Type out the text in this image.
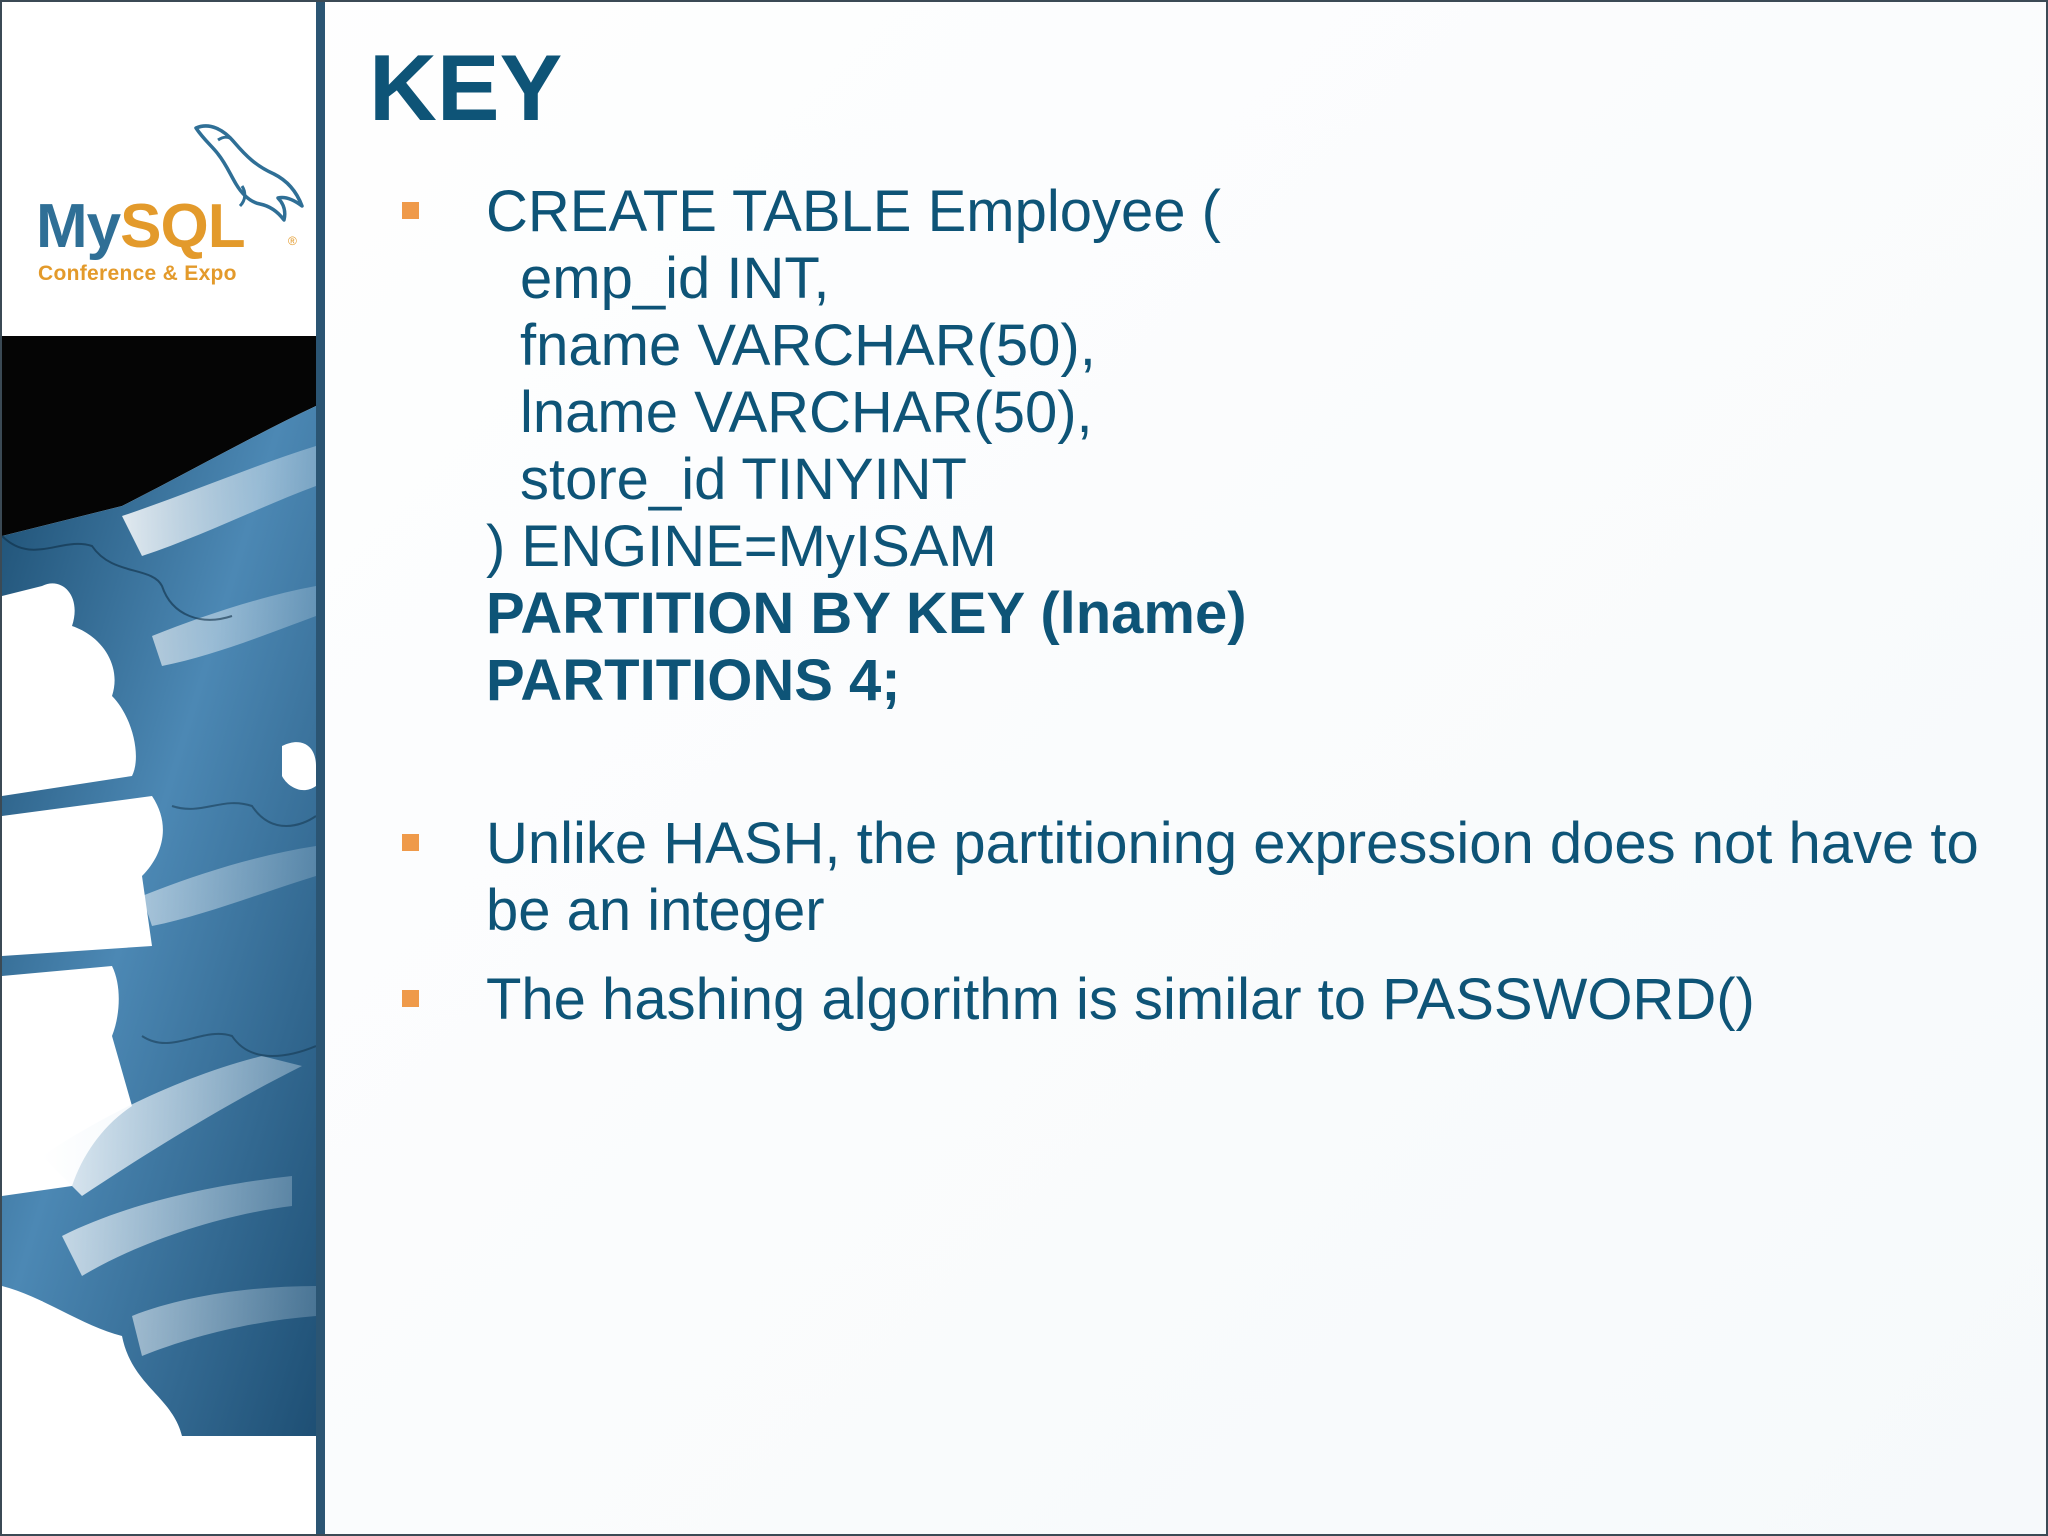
MySQL	®
Conference & Expo
KEY
CREATE TABLE Employee (
emp_id INT,
fname VARCHAR(50),
lname VARCHAR(50),
store_id TINYINT
) ENGINE=MyISAM
PARTITION BY KEY (lname)
PARTITIONS 4;
Unlike HASH, the partitioning expression does not have to be an integer
The hashing algorithm is similar to PASSWORD()
